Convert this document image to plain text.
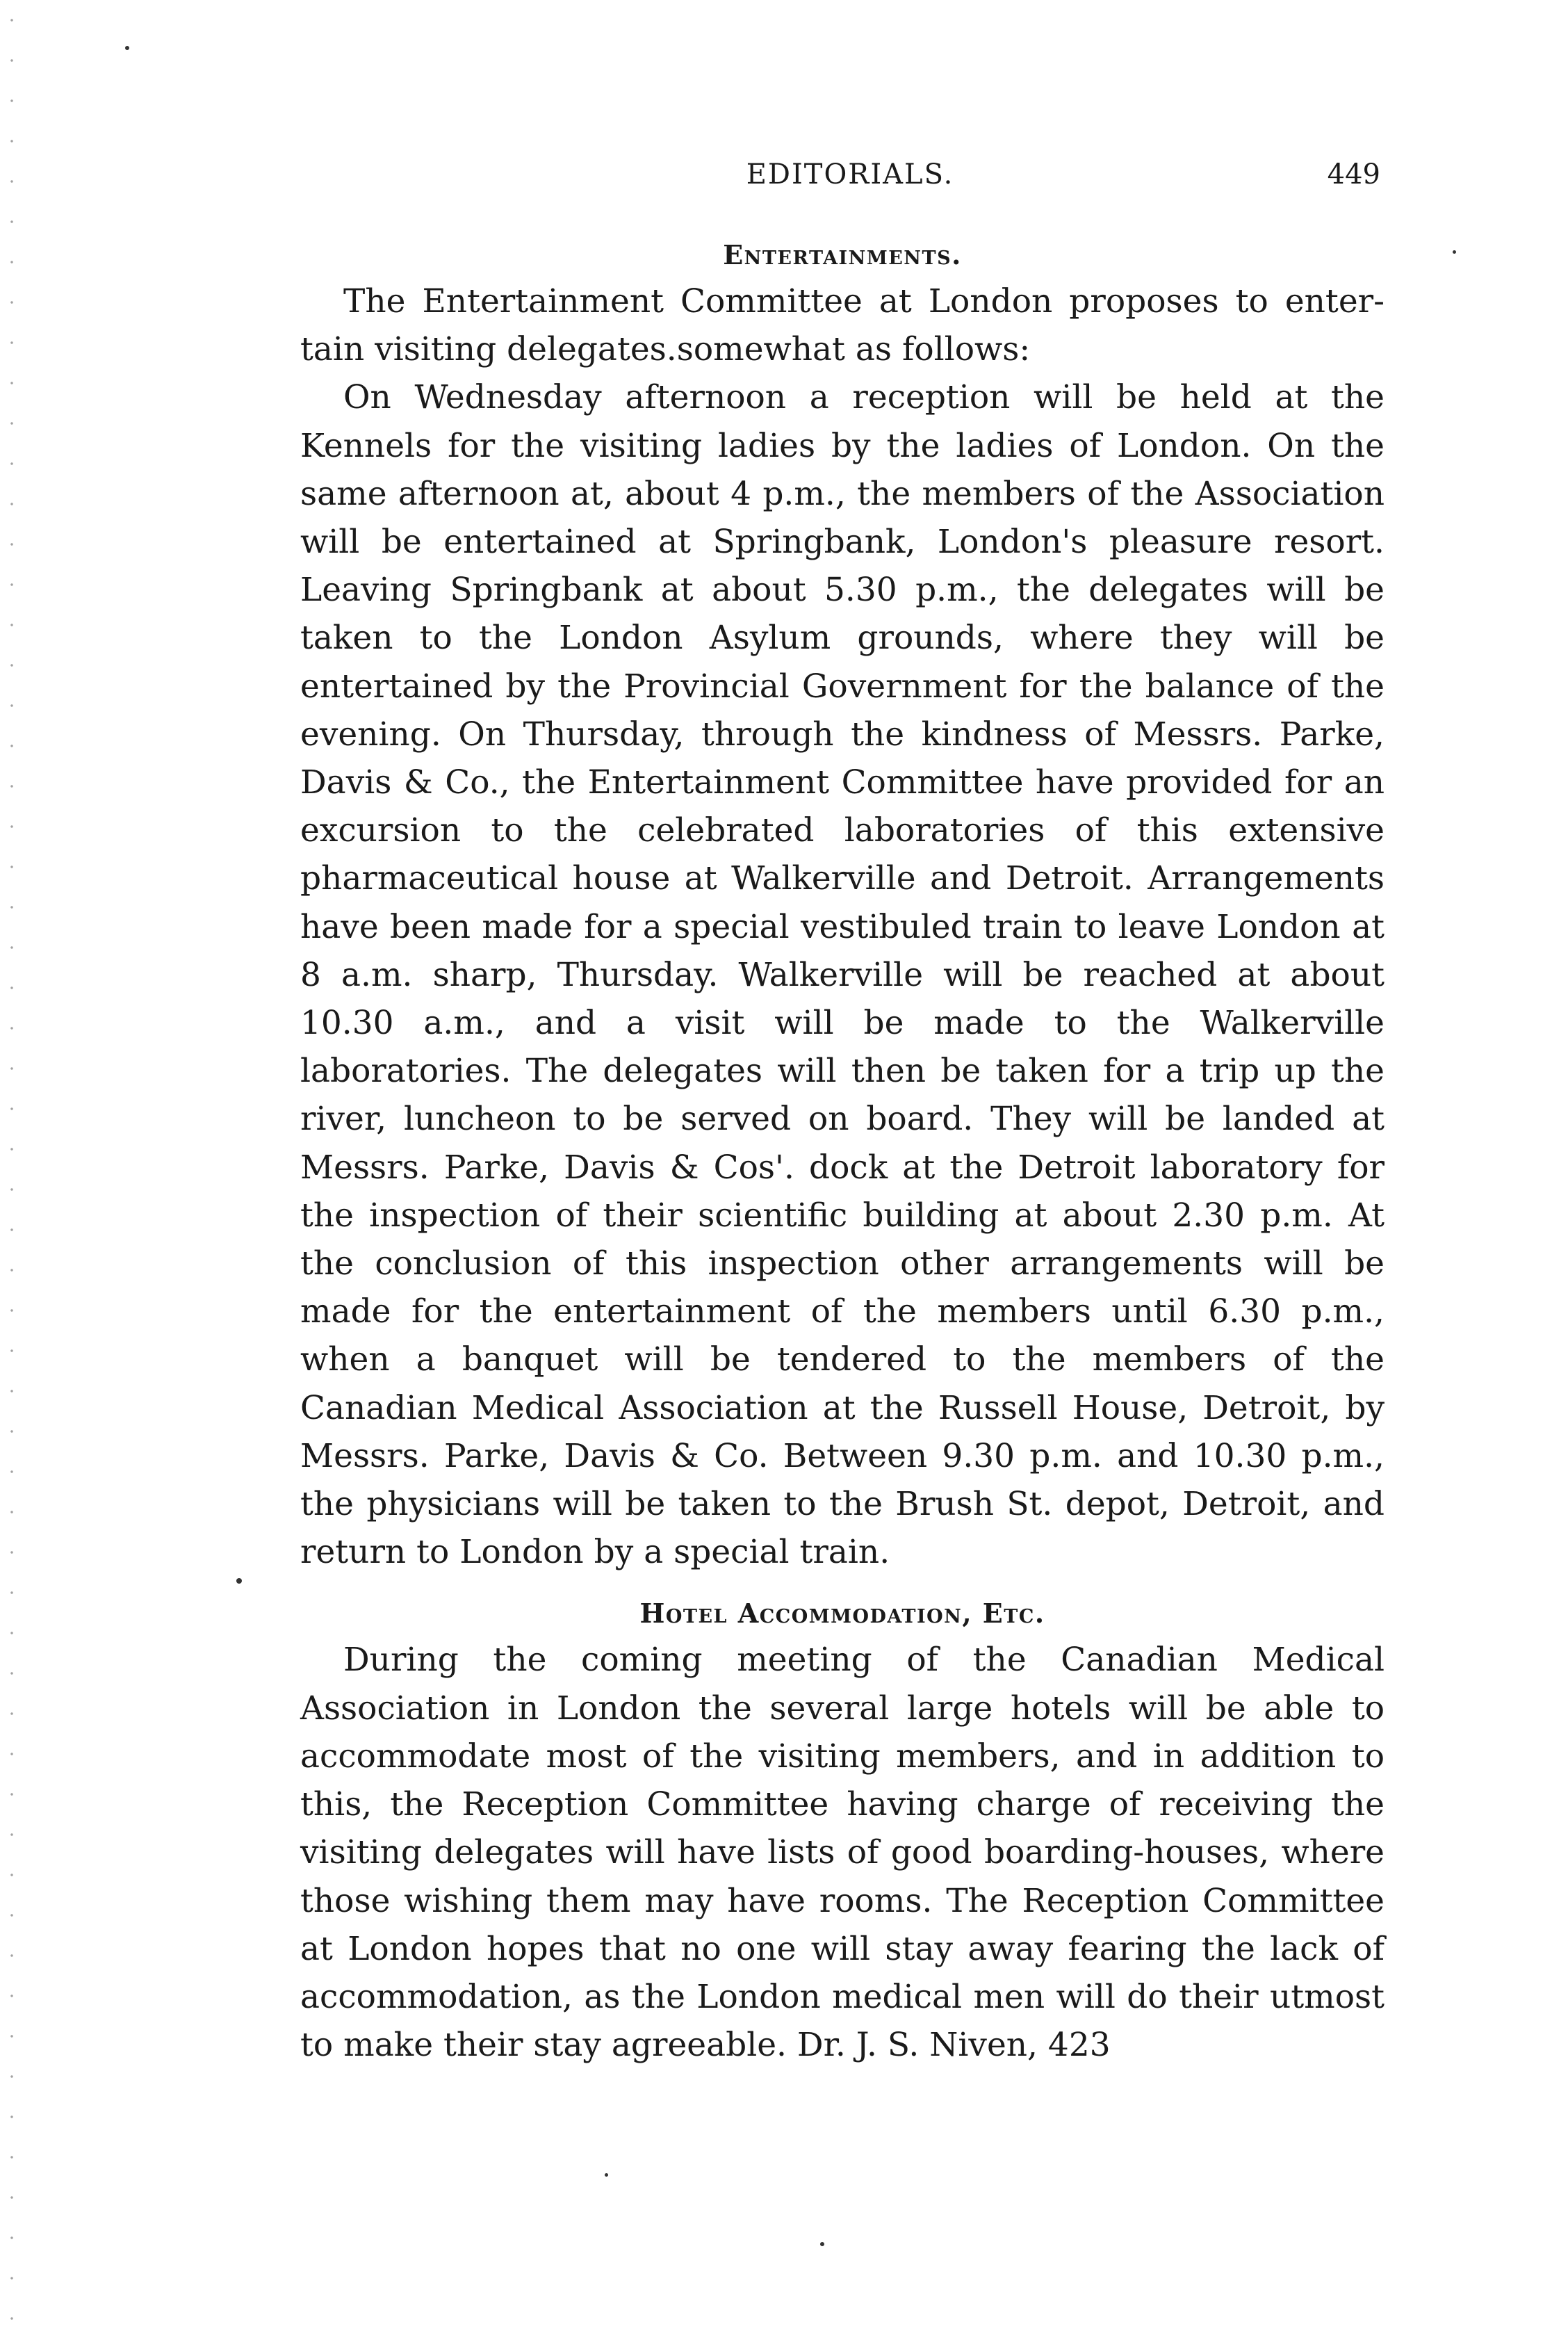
EDITORIALS.	449
Entertainments.

The Entertainment Committee at London proposes to entertain visiting delegates.somewhat as follows:

On Wednesday afternoon a reception will be held at the Kennels for the visiting ladies by the ladies of London. On the same afternoon at, about 4 p.m., the members of the Association will be entertained at Springbank, London's pleasure resort. Leaving Springbank at about 5.30 p.m., the delegates will be taken to the London Asylum grounds, where they will be entertained by the Provincial Government for the balance of the evening. On Thursday, through the kindness of Messrs. Parke, Davis & Co., the Entertainment Committee have provided for an excursion to the celebrated laboratories of this extensive pharmaceutical house at Walkerville and Detroit. Arrangements have been made for a special vestibuled train to leave London at 8 a.m. sharp, Thursday. Walkerville will be reached at about 10.30 a.m., and a visit will be made to the Walkerville laboratories. The delegates will then be taken for a trip up the river, luncheon to be served on board. They will be landed at Messrs. Parke, Davis & Cos'. dock at the Detroit laboratory for the inspection of their scientific building at about 2.30 p.m. At the conclusion of this inspection other arrangements will be made for the entertainment of the members until 6.30 p.m., when a banquet will be tendered to the members of the Canadian Medical Association at the Russell House, Detroit, by Messrs. Parke, Davis & Co. Between 9.30 p.m. and 10.30 p.m., the physicians will be taken to the Brush St. depot, Detroit, and return to London by a special train.

Hotel Accommodation, Etc.

During the coming meeting of the Canadian Medical Association in London the several large hotels will be able to accommodate most of the visiting members, and in addition to this, the Reception Committee having charge of receiving the visiting delegates will have lists of good boarding-houses, where those wishing them may have rooms. The Reception Committee at London hopes that no one will stay away fearing the lack of accommodation, as the London medical men will do their utmost to make their stay agreeable. Dr. J. S. Niven, 423
